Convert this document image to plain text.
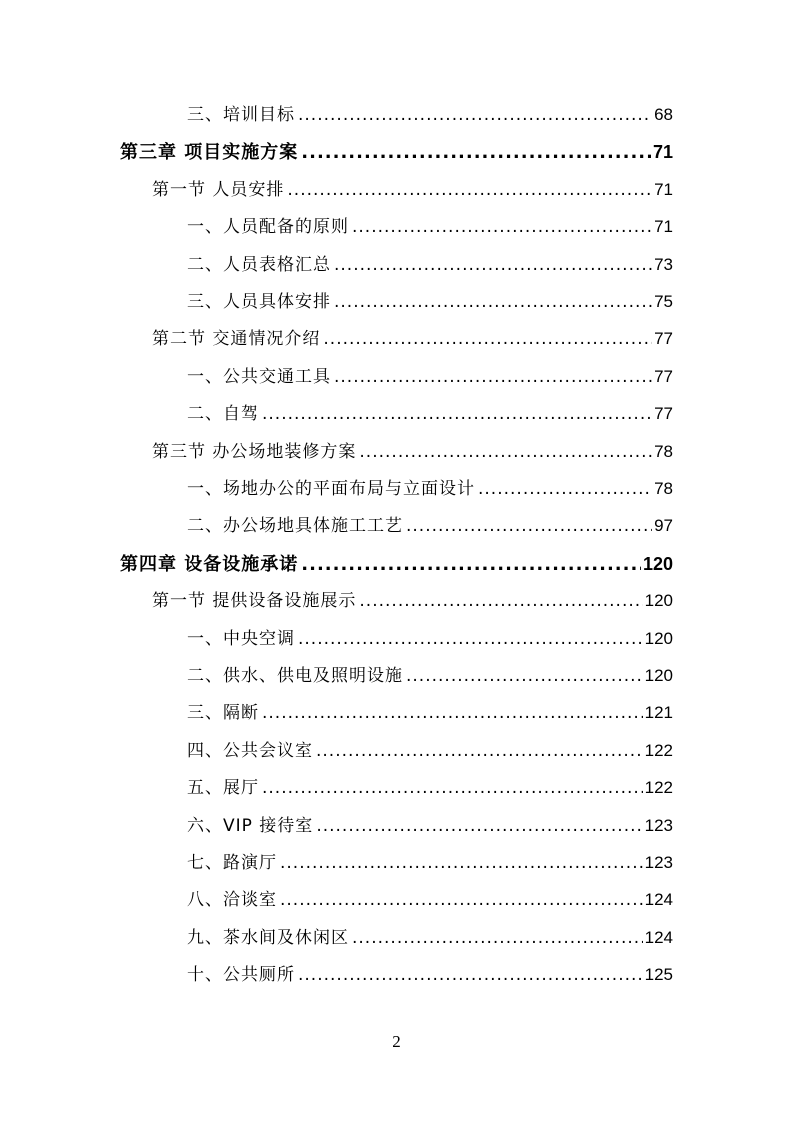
三、培训目标 .....	68
第三章 项目实施方案 .....	71
第一节 人员安排 .....	71
一、人员配备的原则 .....	71
二、人员表格汇总 .....	73
三、人员具体安排 .....	75
第二节 交通情况介绍 .....	77
一、公共交通工具 .....	77
二、自驾 .....	77
第三节 办公场地装修方案 .....	78
一、场地办公的平面布局与立面设计 .....	78
二、办公场地具体施工工艺 .....	97
第四章 设备设施承诺 .....	120
第一节 提供设备设施展示 .....	120
一、中央空调 .....	120
二、供水、供电及照明设施 .....	120
三、隔断 .....	121
四、公共会议室 .....	122
五、展厅 .....	122
六、VIP 接待室 .....	123
七、路演厅 .....	123
八、洽谈室 .....	124
九、茶水间及休闲区 .....	124
十、公共厕所 .....	125
2
